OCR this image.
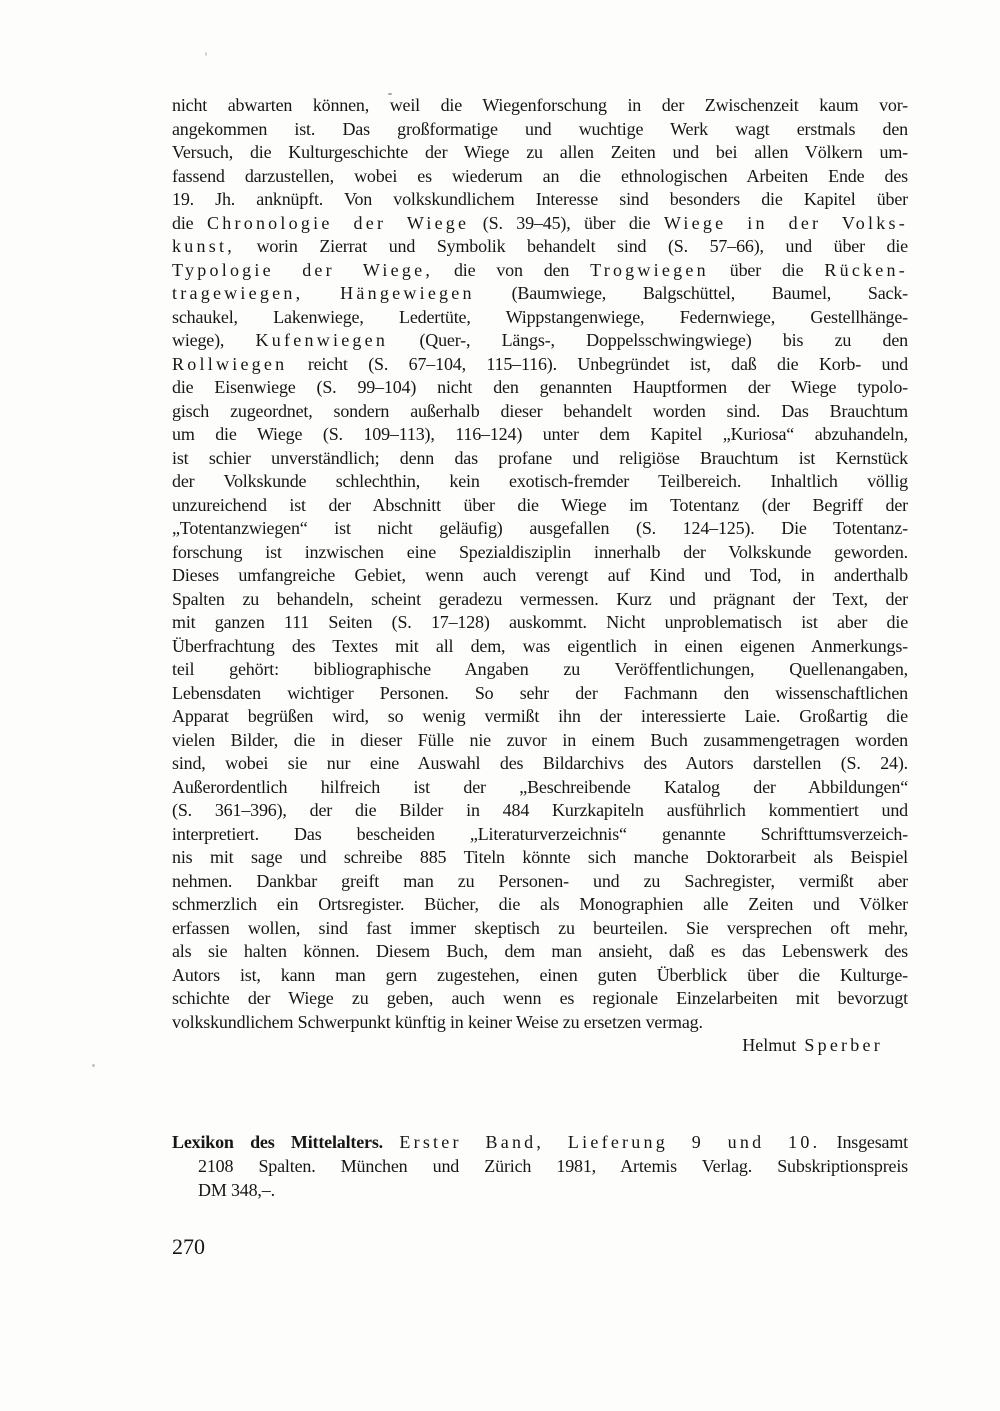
nicht abwarten können, weil die Wiegenforschung in der Zwischenzeit kaum vor-
angekommen ist. Das großformatige und wuchtige Werk wagt erstmals den
Versuch, die Kulturgeschichte der Wiege zu allen Zeiten und bei allen Völkern um-
fassend darzustellen, wobei es wiederum an die ethnologischen Arbeiten Ende des
19. Jh. anknüpft. Von volkskundlichem Interesse sind besonders die Kapitel über
die Chronologie der Wiege (S. 39–45), über die Wiege in der Volks-
kunst, worin Zierrat und Symbolik behandelt sind (S. 57–66), und über die
Typologie der Wiege, die von den Trogwiegen über die Rücken-
tragewiegen, Hängewiegen (Baumwiege, Balgschüttel, Baumel, Sack-
schaukel, Lakenwiege, Ledertüte, Wippstangenwiege, Federnwiege, Gestellhänge-
wiege), Kufenwiegen (Quer-, Längs-, Doppelsschwingwiege) bis zu den
Rollwiegen reicht (S. 67–104, 115–116). Unbegründet ist, daß die Korb- und
die Eisenwiege (S. 99–104) nicht den genannten Hauptformen der Wiege typolo-
gisch zugeordnet, sondern außerhalb dieser behandelt worden sind. Das Brauchtum
um die Wiege (S. 109–113), 116–124) unter dem Kapitel „Kuriosa“ abzuhandeln,
ist schier unverständlich; denn das profane und religiöse Brauchtum ist Kernstück
der Volkskunde schlechthin, kein exotisch-fremder Teilbereich. Inhaltlich völlig
unzureichend ist der Abschnitt über die Wiege im Totentanz (der Begriff der
„Totentanzwiegen“ ist nicht geläufig) ausgefallen (S. 124–125). Die Totentanz-
forschung ist inzwischen eine Spezialdisziplin innerhalb der Volkskunde geworden.
Dieses umfangreiche Gebiet, wenn auch verengt auf Kind und Tod, in anderthalb
Spalten zu behandeln, scheint geradezu vermessen. Kurz und prägnant der Text, der
mit ganzen 111 Seiten (S. 17–128) auskommt. Nicht unproblematisch ist aber die
Überfrachtung des Textes mit all dem, was eigentlich in einen eigenen Anmerkungs-
teil gehört: bibliographische Angaben zu Veröffentlichungen, Quellenangaben,
Lebensdaten wichtiger Personen. So sehr der Fachmann den wissenschaftlichen
Apparat begrüßen wird, so wenig vermißt ihn der interessierte Laie. Großartig die
vielen Bilder, die in dieser Fülle nie zuvor in einem Buch zusammengetragen worden
sind, wobei sie nur eine Auswahl des Bildarchivs des Autors darstellen (S. 24).
Außerordentlich hilfreich ist der „Beschreibende Katalog der Abbildungen“
(S. 361–396), der die Bilder in 484 Kurzkapiteln ausführlich kommentiert und
interpretiert. Das bescheiden „Literaturverzeichnis“ genannte Schrifttumsverzeich-
nis mit sage und schreibe 885 Titeln könnte sich manche Doktorarbeit als Beispiel
nehmen. Dankbar greift man zu Personen- und zu Sachregister, vermißt aber
schmerzlich ein Ortsregister. Bücher, die als Monographien alle Zeiten und Völker
erfassen wollen, sind fast immer skeptisch zu beurteilen. Sie versprechen oft mehr,
als sie halten können. Diesem Buch, dem man ansieht, daß es das Lebenswerk des
Autors ist, kann man gern zugestehen, einen guten Überblick über die Kulturge-
schichte der Wiege zu geben, auch wenn es regionale Einzelarbeiten mit bevorzugt
volkskundlichem Schwerpunkt künftig in keiner Weise zu ersetzen vermag.
Helmut Sperber
Lexikon des Mittelalters. Erster Band, Lieferung 9 und 10. Insgesamt
2108 Spalten. München und Zürich 1981, Artemis Verlag. Subskriptionspreis
DM 348,–.
270
